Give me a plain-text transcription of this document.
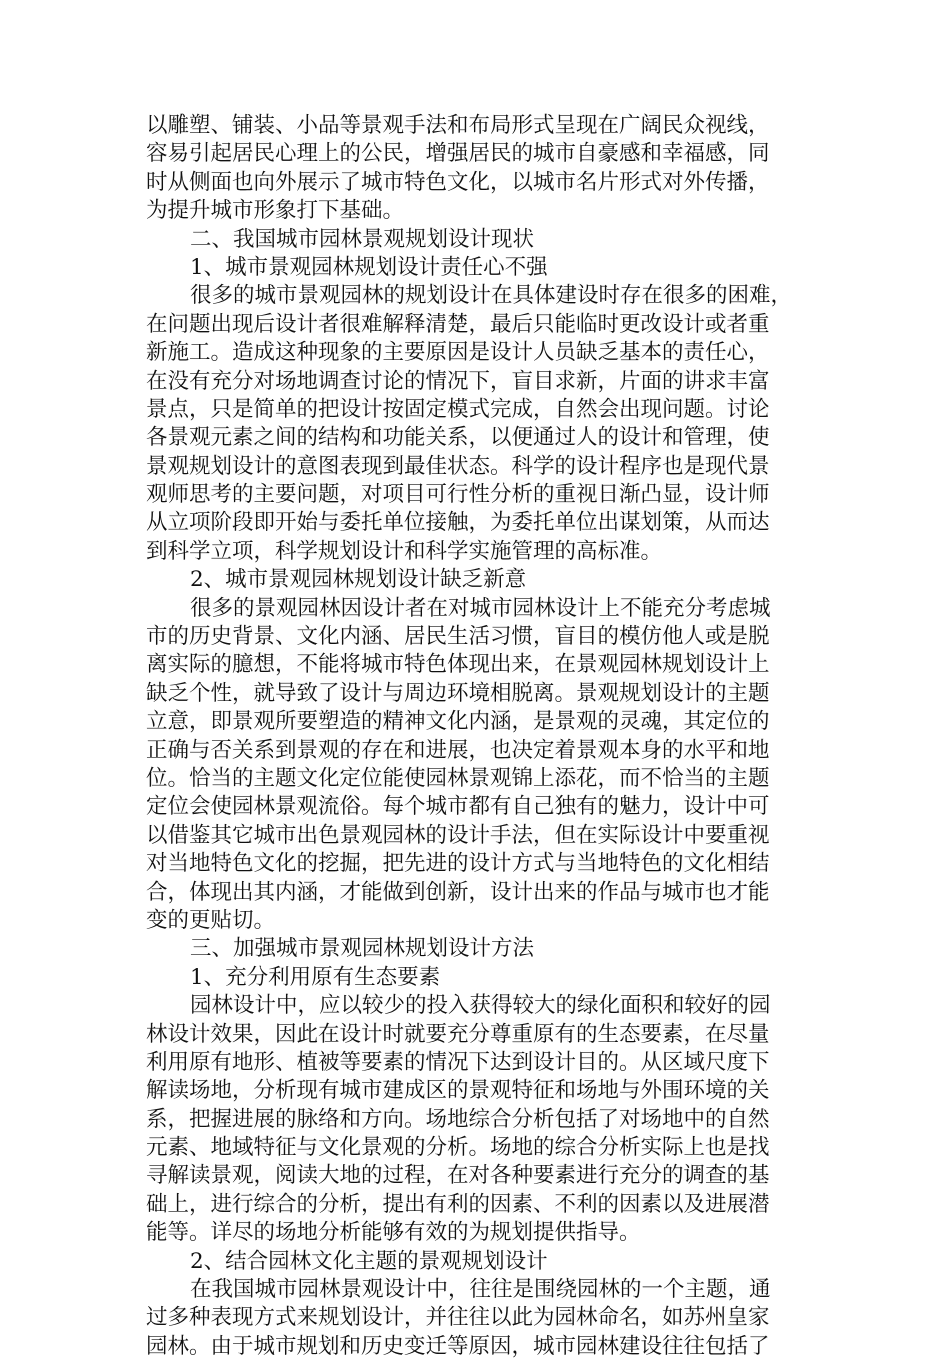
以雕塑、铺装、小品等景观手法和布局形式呈现在广阔民众视线，
容易引起居民心理上的公民，增强居民的城市自豪感和幸福感，同
时从侧面也向外展示了城市特色文化，以城市名片形式对外传播，
为提升城市形象打下基础。
二、我国城市园林景观规划设计现状
1、城市景观园林规划设计责任心不强
很多的城市景观园林的规划设计在具体建设时存在很多的困难，
在问题出现后设计者很难解释清楚，最后只能临时更改设计或者重
新施工。造成这种现象的主要原因是设计人员缺乏基本的责任心，
在没有充分对场地调查讨论的情况下，盲目求新，片面的讲求丰富
景点，只是简单的把设计按固定模式完成，自然会出现问题。讨论
各景观元素之间的结构和功能关系，以便通过人的设计和管理，使
景观规划设计的意图表现到最佳状态。科学的设计程序也是现代景
观师思考的主要问题，对项目可行性分析的重视日渐凸显，设计师
从立项阶段即开始与委托单位接触，为委托单位出谋划策，从而达
到科学立项，科学规划设计和科学实施管理的高标准。
2、城市景观园林规划设计缺乏新意
很多的景观园林因设计者在对城市园林设计上不能充分考虑城
市的历史背景、文化内涵、居民生活习惯，盲目的模仿他人或是脱
离实际的臆想，不能将城市特色体现出来，在景观园林规划设计上
缺乏个性，就导致了设计与周边环境相脱离。景观规划设计的主题
立意，即景观所要塑造的精神文化内涵，是景观的灵魂，其定位的
正确与否关系到景观的存在和进展，也决定着景观本身的水平和地
位。恰当的主题文化定位能使园林景观锦上添花，而不恰当的主题
定位会使园林景观流俗。每个城市都有自己独有的魅力，设计中可
以借鉴其它城市出色景观园林的设计手法，但在实际设计中要重视
对当地特色文化的挖掘，把先进的设计方式与当地特色的文化相结
合，体现出其内涵，才能做到创新，设计出来的作品与城市也才能
变的更贴切。
三、加强城市景观园林规划设计方法
1、充分利用原有生态要素
园林设计中，应以较少的投入获得较大的绿化面积和较好的园
林设计效果，因此在设计时就要充分尊重原有的生态要素，在尽量
利用原有地形、植被等要素的情况下达到设计目的。从区域尺度下
解读场地，分析现有城市建成区的景观特征和场地与外围环境的关
系，把握进展的脉络和方向。场地综合分析包括了对场地中的自然
元素、地域特征与文化景观的分析。场地的综合分析实际上也是找
寻解读景观，阅读大地的过程，在对各种要素进行充分的调查的基
础上，进行综合的分析，提出有利的因素、不利的因素以及进展潜
能等。详尽的场地分析能够有效的为规划提供指导。
2、结合园林文化主题的景观规划设计
在我国城市园林景观设计中，往往是围绕园林的一个主题，通
过多种表现方式来规划设计，并往往以此为园林命名，如苏州皇家
园林。由于城市规划和历史变迁等原因，城市园林建设往往包括了
